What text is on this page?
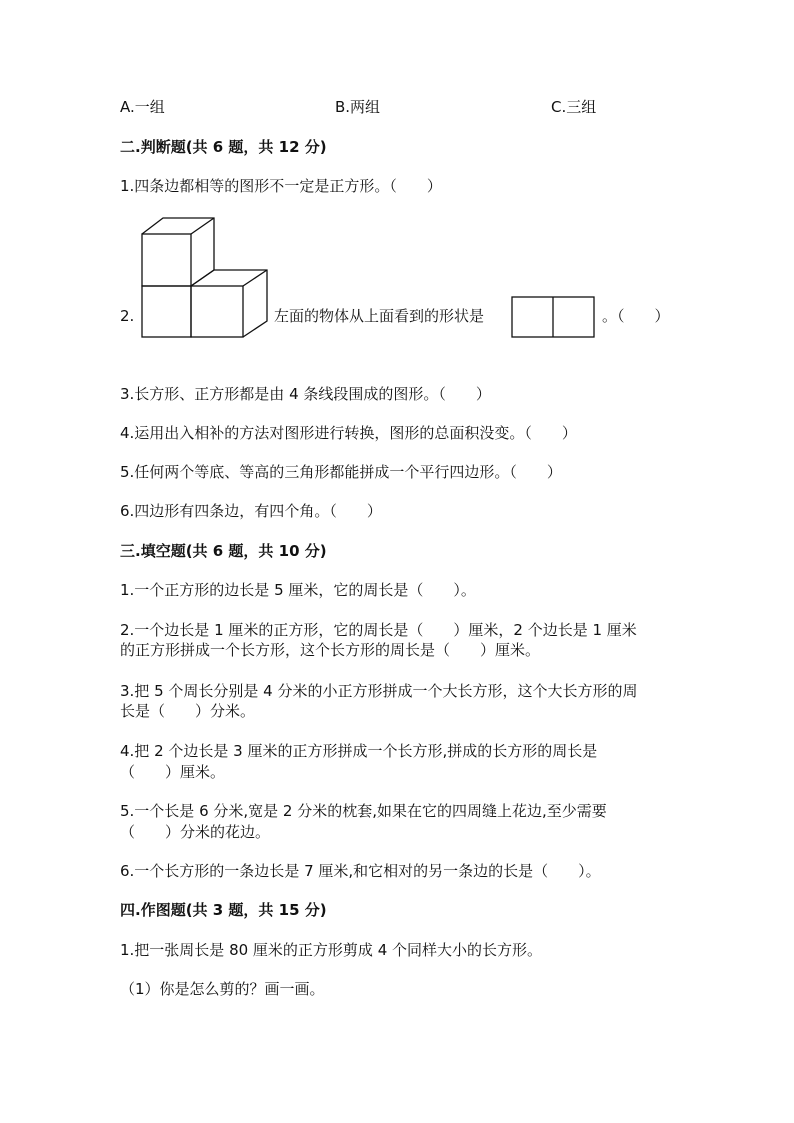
A.一组	B.两组	C.三组
二.判断题(共 6 题，共 12 分)
1.四条边都相等的图形不一定是正方形。（　　）
2.	左面的物体从上面看到的形状是	。（　　）
3.长方形、正方形都是由 4 条线段围成的图形。（　　）
4.运用出入相补的方法对图形进行转换，图形的总面积没变。（　　）
5.任何两个等底、等高的三角形都能拼成一个平行四边形。（　　）
6.四边形有四条边，有四个角。（　　）
三.填空题(共 6 题，共 10 分)
1.一个正方形的边长是 5 厘米，它的周长是（　　）。
2.一个边长是 1 厘米的正方形，它的周长是（　　）厘米，2 个边长是 1 厘米
的正方形拼成一个长方形，这个长方形的周长是（　　）厘米。
3.把 5 个周长分别是 4 分米的小正方形拼成一个大长方形，这个大长方形的周
长是（　　）分米。
4.把 2 个边长是 3 厘米的正方形拼成一个长方形,拼成的长方形的周长是
（　　）厘米。
5.一个长是 6 分米,宽是 2 分米的枕套,如果在它的四周缝上花边,至少需要
（　　）分米的花边。
6.一个长方形的一条边长是 7 厘米,和它相对的另一条边的长是（　　）。
四.作图题(共 3 题，共 15 分)
1.把一张周长是 80 厘米的正方形剪成 4 个同样大小的长方形。
（1）你是怎么剪的？画一画。
